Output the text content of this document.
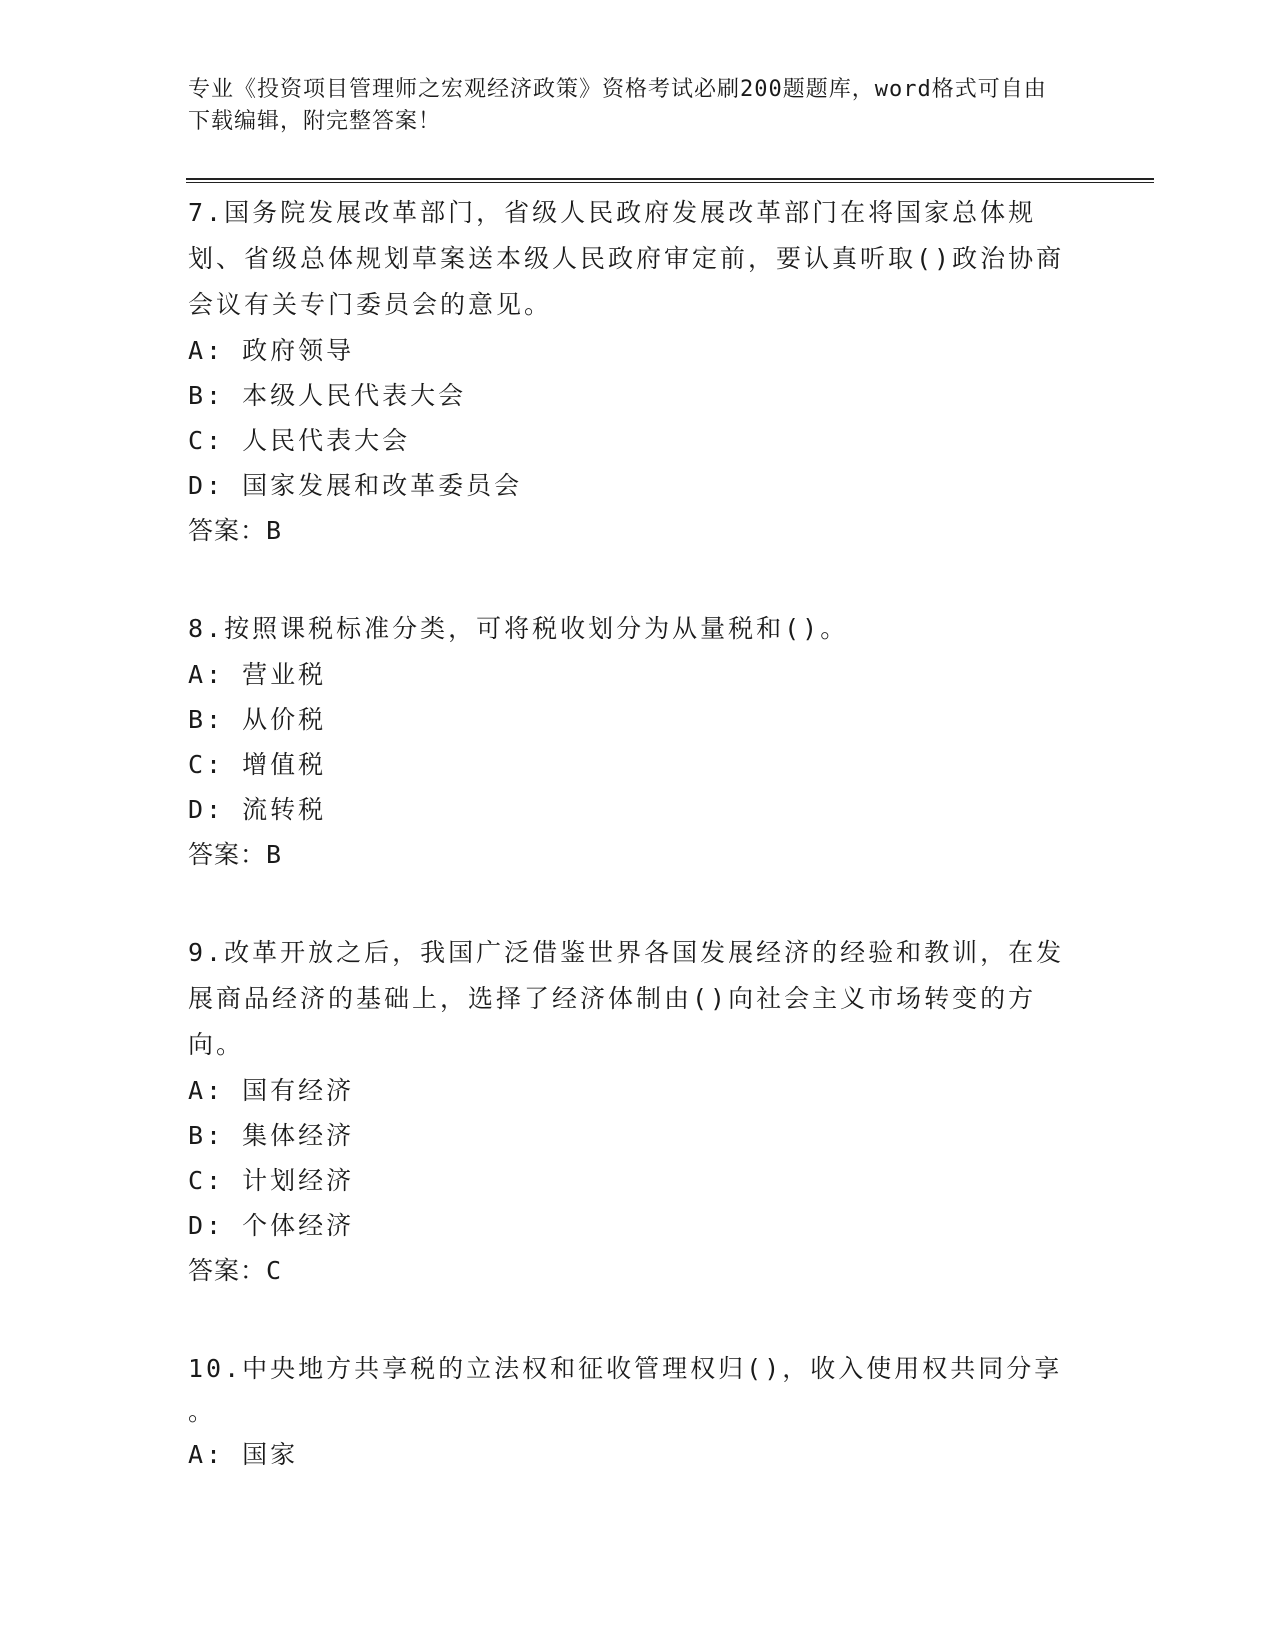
专业《投资项目管理师之宏观经济政策》资格考试必刷200题题库，word格式可自由下载编辑，附完整答案！

7.国务院发展改革部门，省级人民政府发展改革部门在将国家总体规划、省级总体规划草案送本级人民政府审定前，要认真听取()政治协商会议有关专门委员会的意见。

A: 政府领导

B: 本级人民代表大会

C: 人民代表大会

D: 国家发展和改革委员会

答案：B

8.按照课税标准分类，可将税收划分为从量税和()。

A: 营业税

B: 从价税

C: 增值税

D: 流转税

答案：B

9.改革开放之后，我国广泛借鉴世界各国发展经济的经验和教训，在发展商品经济的基础上，选择了经济体制由()向社会主义市场转变的方向。

A: 国有经济

B: 集体经济

C: 计划经济

D: 个体经济

答案：C

10.中央地方共享税的立法权和征收管理权归()，收入使用权共同分享

。

A: 国家
